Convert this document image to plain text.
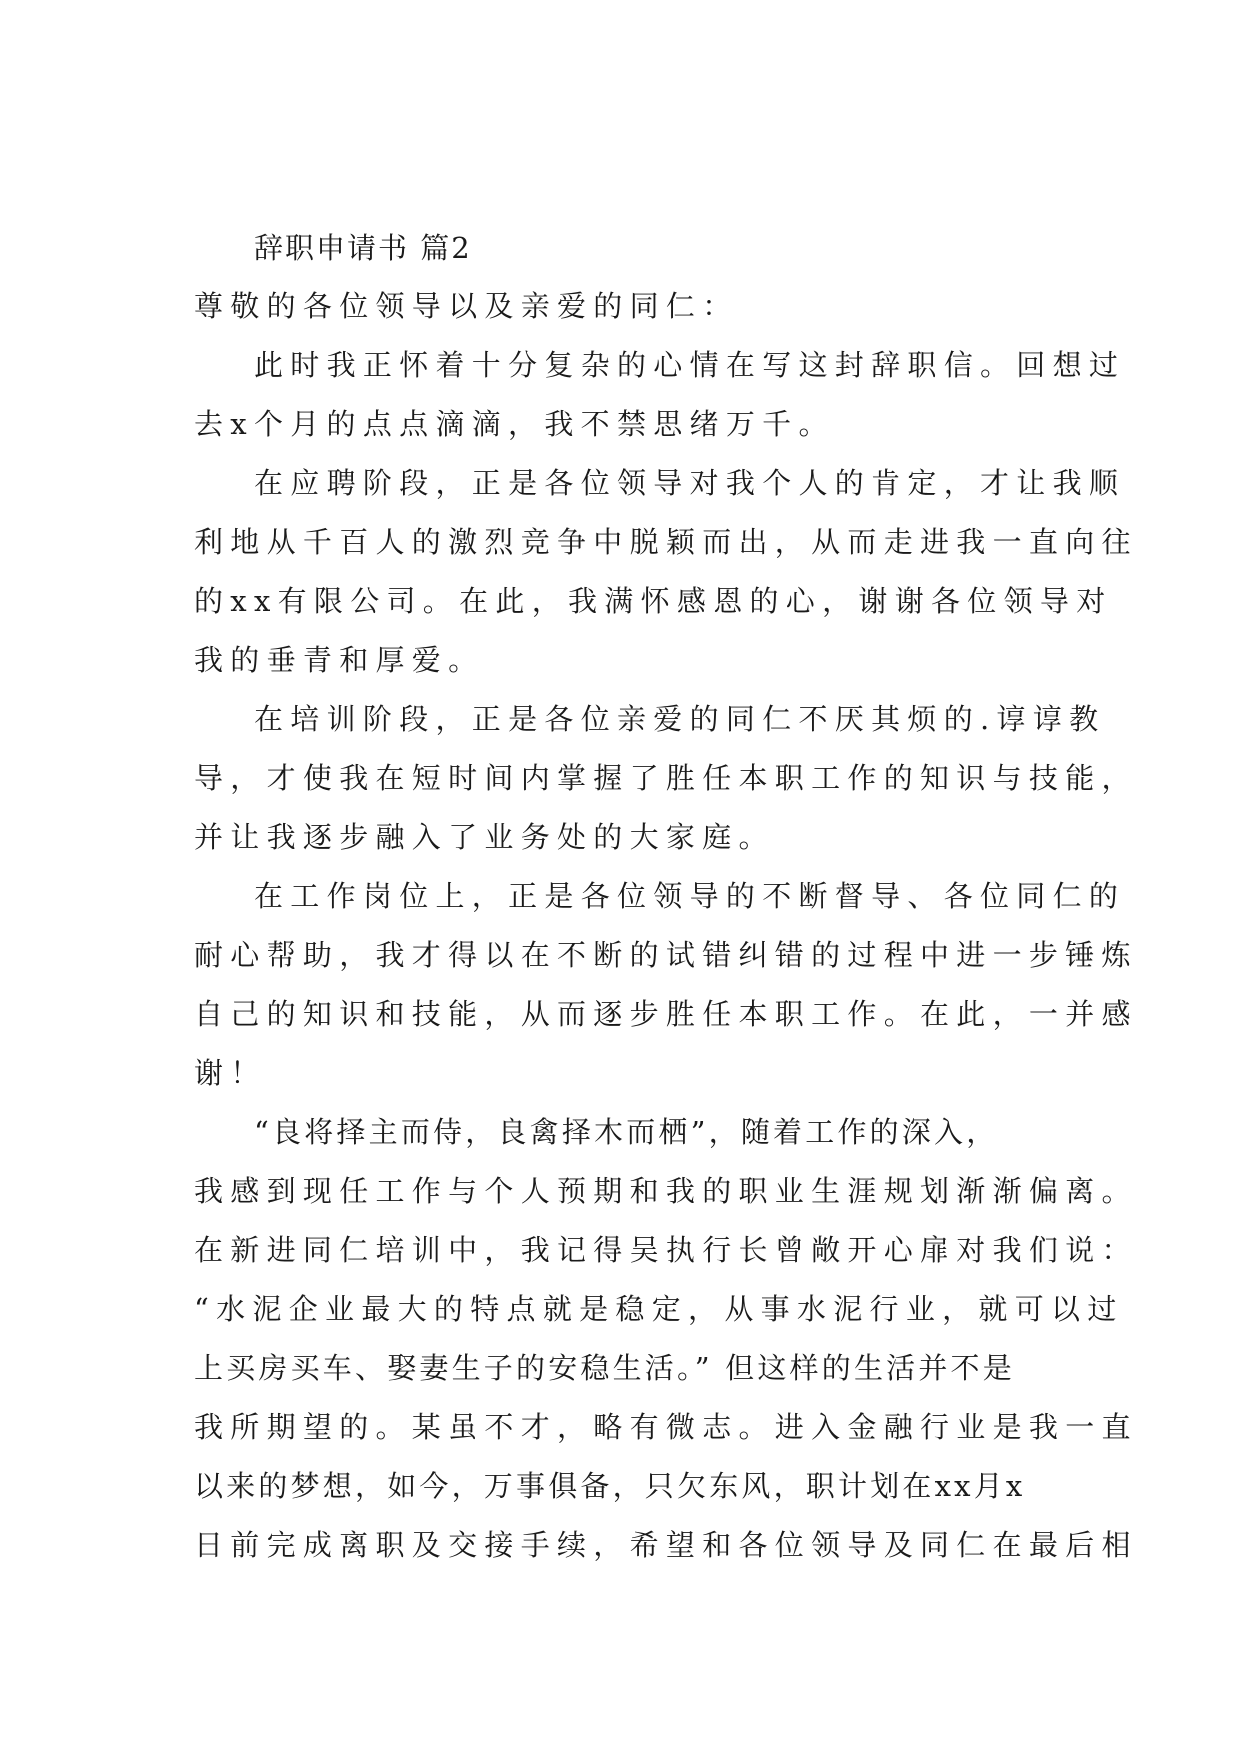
辞职申请书 篇2

尊敬的各位领导以及亲爱的同仁：

此时我正怀着十分复杂的心情在写这封辞职信。回想过

去x个月的点点滴滴，我不禁思绪万千。

在应聘阶段，正是各位领导对我个人的肯定，才让我顺

利地从千百人的激烈竞争中脱颖而出，从而走进我一直向往

的xx有限公司。在此，我满怀感恩的心，谢谢各位领导对

我的垂青和厚爱。

在培训阶段，正是各位亲爱的同仁不厌其烦的.谆谆教

导，才使我在短时间内掌握了胜任本职工作的知识与技能，

并让我逐步融入了业务处的大家庭。

在工作岗位上，正是各位领导的不断督导、各位同仁的

耐心帮助，我才得以在不断的试错纠错的过程中进一步锤炼

自己的知识和技能，从而逐步胜任本职工作。在此，一并感

谢！

“良将择主而侍，良禽择木而栖”，随着工作的深入，

我感到现任工作与个人预期和我的职业生涯规划渐渐偏离。

在新进同仁培训中，我记得吴执行长曾敞开心扉对我们说：

“水泥企业最大的特点就是稳定，从事水泥行业，就可以过

上买房买车、娶妻生子的安稳生活。” 但这样的生活并不是

我所期望的。某虽不才，略有微志。进入金融行业是我一直

以来的梦想，如今，万事俱备，只欠东风，职计划在xx月x

日前完成离职及交接手续，希望和各位领导及同仁在最后相
